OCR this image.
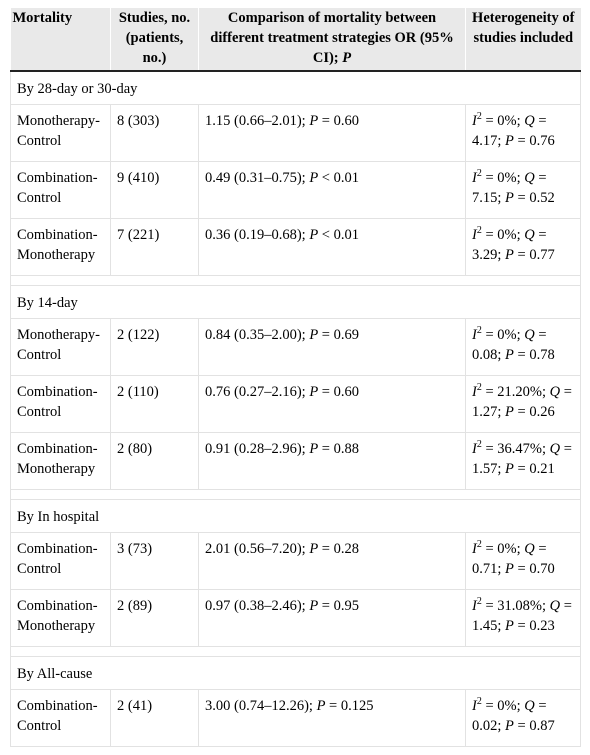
Mortality	Studies, no. (patients, no.)	Comparison of mortality between different treatment strategies OR (95% CI); P	Heterogeneity of studies included
By 28-day or 30-day			
Monotherapy-Control	8 (303)	1.15 (0.66–2.01); P = 0.60	$I^2 = 0\%$; Q = 4.17; P = 0.76
Combination-Control	9 (410)	0.49 (0.31–0.75); P < 0.01	$I^2 = 0\%$; Q = 7.15; P = 0.52
Combination-Monotherapy	7 (221)	0.36 (0.19–0.68); P < 0.01	$I^2 = 0\%$; Q = 3.29; P = 0.77

By 14-day			
Monotherapy-Control	2 (122)	0.84 (0.35–2.00); P = 0.69	$I^2 = 0\%$; Q = 0.08; P = 0.78
Combination-Control	2 (110)	0.76 (0.27–2.16); P = 0.60	$I^2 = 21.20\%$; Q = 1.27; P = 0.26
Combination-Monotherapy	2 (80)	0.91 (0.28–2.96); P = 0.88	$I^2 = 36.47\%$; Q = 1.57; P = 0.21

By In hospital			
Combination-Control	3 (73)	2.01 (0.56–7.20); P = 0.28	$I^2 = 0\%$; Q = 0.71; P = 0.70
Combination-Monotherapy	2 (89)	0.97 (0.38–2.46); P = 0.95	$I^2 = 31.08\%$; Q = 1.45; P = 0.23

By All-cause			
Combination-Control	2 (41)	3.00 (0.74–12.26); P = 0.125	$I^2 = 0\%$; Q = 0.02; P = 0.87
